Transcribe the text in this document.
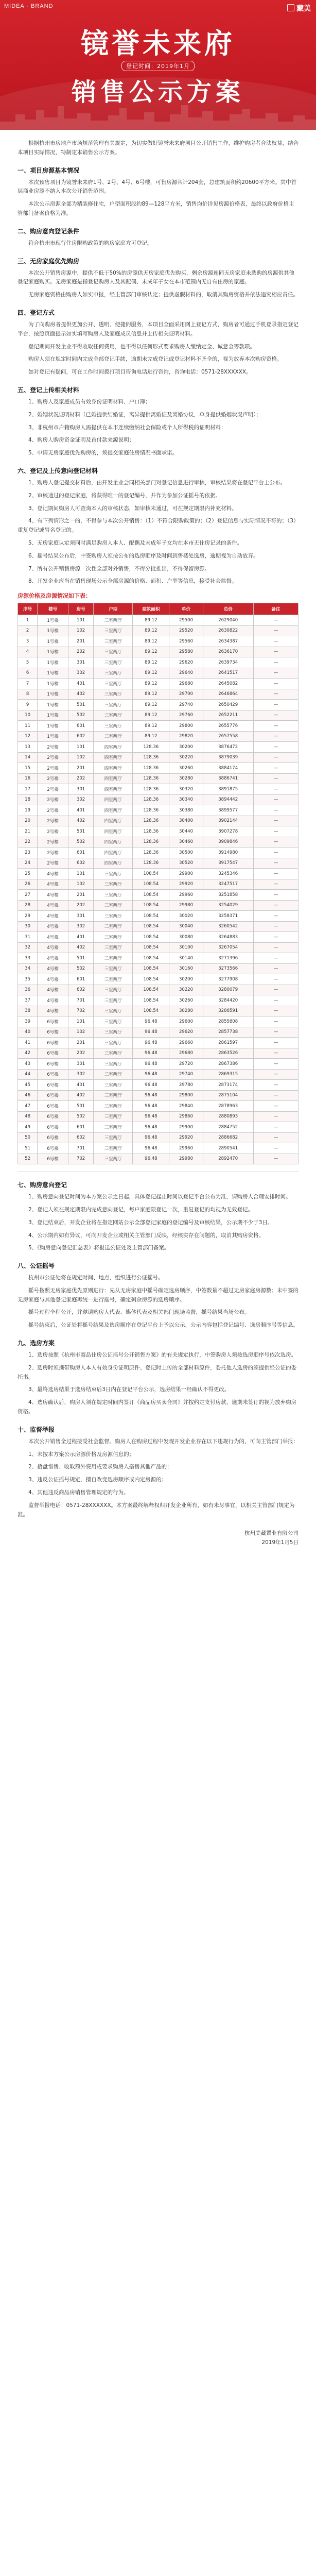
MIDEA · BRAND	藏美
镜誉未来府
登记时间：2019年1月
销售公示方案

根据杭州市房地产市场规范管理有关规定，为切实做好镜誉未来府项目公开销售工作，维护购房者合法权益，结合本项目实际情况，特制定本销售公示方案。

一、项目房源基本情况

本次预售项目为镜誉未来府1号、2号、4号、6号楼，可售房源共计204套，总建筑面积约20600平方米。其中首层商业房源不纳入本次公开销售范围。

本次公示房源全部为精装修住宅，户型面积段约89—128平方米，销售均价详见房源价格表，最终以政府价格主管部门备案价格为准。

二、购房意向登记条件

符合杭州市现行住房限购政策的购房家庭方可登记。

三、无房家庭优先购房

本次公开销售房源中，提供不低于50%的房源供无房家庭优先购买，剩余房源连同无房家庭未选购的房源供其他登记家庭购买。无房家庭是指登记购房人及其配偶、未成年子女在本市范围内无自有住房的家庭。

无房家庭资格由购房人如实申报，经主管部门审核认定；提供虚假材料的，取消其购房资格并依法追究相应责任。

四、登记方式

为了向购房者提供更加公开、透明、便捷的服务，本项目全面采用网上登记方式，购房者可通过手机登录指定登记平台，按照页面提示如实填写购房人及家庭成员信息并上传相关证明材料。

登记期间开发企业不得收取任何费用，也不得以任何形式要求购房人缴纳定金、诚意金等款项。

购房人须在规定时间内完成全部登记手续，逾期未完成登记或登记材料不齐全的，视为放弃本次购房资格。

如对登记有疑问，可在工作时间拨打项目咨询电话进行咨询，咨询电话：0571-28XXXXXX。

五、登记上传相关材料

1、购房人及家庭成员有效身份证明材料、户口簿；

2、婚姻状况证明材料（已婚提供结婚证，离异提供离婚证及离婚协议，单身提供婚姻状况声明）；

3、非杭州市户籍购房人需提供在本市连续缴纳社会保险或个人所得税的证明材料；

4、购房人购房资金证明及首付款来源说明；

5、申请无房家庭优先购房的，须提交家庭住房情况书面承诺。

六、登记及上传意向登记材料

1、购房人登记提交材料后，由开发企业会同相关部门对登记信息进行审核，审核结果将在登记平台上公布。

2、审核通过的登记家庭，将获得唯一的登记编号，并作为参加公证摇号的依据。

3、登记期间购房人可查询本人的审核状态，如审核未通过，可在规定期限内补充材料。

4、有下列情形之一的，不得参与本次公开销售：（1）不符合限购政策的；（2）登记信息与实际情况不符的；（3）重复登记或冒名登记的。

5、无房家庭认定须同时满足购房人本人、配偶及未成年子女均在本市无住房记录的条件。

6、摇号结果公布后，中签购房人须按公布的选房顺序及时间到售楼处选房，逾期视为自动放弃。

7、所有公开销售房源一次性全部对外销售，不得分批推出，不得保留房源。

8、开发企业应当在销售现场公示全部房源的价格、面积、户型等信息，接受社会监督。

房源价格及房源情况如下表：
序号	楼号	房号	户型	建筑面积	单价	总价	备注
1	1号楼	101	三室两厅	89.12	29500	2629040	—
2	1号楼	102	三室两厅	89.12	29520	2630822	—
3	1号楼	201	三室两厅	89.12	29560	2634387	—
4	1号楼	202	三室两厅	89.12	29580	2636170	—
5	1号楼	301	三室两厅	89.12	29620	2639734	—
6	1号楼	302	三室两厅	89.12	29640	2641517	—
7	1号楼	401	三室两厅	89.12	29680	2645082	—
8	1号楼	402	三室两厅	89.12	29700	2646864	—
9	1号楼	501	三室两厅	89.12	29740	2650429	—
10	1号楼	502	三室两厅	89.12	29760	2652211	—
11	1号楼	601	三室两厅	89.12	29800	2655776	—
12	1号楼	602	三室两厅	89.12	29820	2657558	—
13	2号楼	101	四室两厅	128.36	30200	3876472	—
14	2号楼	102	四室两厅	128.36	30220	3879039	—
15	2号楼	201	四室两厅	128.36	30260	3884174	—
16	2号楼	202	四室两厅	128.36	30280	3886741	—
17	2号楼	301	四室两厅	128.36	30320	3891875	—
18	2号楼	302	四室两厅	128.36	30340	3894442	—
19	2号楼	401	四室两厅	128.36	30380	3899577	—
20	2号楼	402	四室两厅	128.36	30400	3902144	—
21	2号楼	501	四室两厅	128.36	30440	3907278	—
22	2号楼	502	四室两厅	128.36	30460	3909846	—
23	2号楼	601	四室两厅	128.36	30500	3914980	—
24	2号楼	602	四室两厅	128.36	30520	3917547	—
25	4号楼	101	三室两厅	108.54	29900	3245346	—
26	4号楼	102	三室两厅	108.54	29920	3247517	—
27	4号楼	201	三室两厅	108.54	29960	3251858	—
28	4号楼	202	三室两厅	108.54	29980	3254029	—
29	4号楼	301	三室两厅	108.54	30020	3258371	—
30	4号楼	302	三室两厅	108.54	30040	3260542	—
31	4号楼	401	三室两厅	108.54	30080	3264883	—
32	4号楼	402	三室两厅	108.54	30100	3267054	—
33	4号楼	501	三室两厅	108.54	30140	3271396	—
34	4号楼	502	三室两厅	108.54	30160	3273566	—
35	4号楼	601	三室两厅	108.54	30200	3277908	—
36	4号楼	602	三室两厅	108.54	30220	3280079	—
37	4号楼	701	三室两厅	108.54	30260	3284420	—
38	4号楼	702	三室两厅	108.54	30280	3286591	—
39	6号楼	101	三室两厅	96.48	29600	2855808	—
40	6号楼	102	三室两厅	96.48	29620	2857738	—
41	6号楼	201	三室两厅	96.48	29660	2861597	—
42	6号楼	202	三室两厅	96.48	29680	2863526	—
43	6号楼	301	三室两厅	96.48	29720	2867386	—
44	6号楼	302	三室两厅	96.48	29740	2869315	—
45	6号楼	401	三室两厅	96.48	29780	2873174	—
46	6号楼	402	三室两厅	96.48	29800	2875104	—
47	6号楼	501	三室两厅	96.48	29840	2878963	—
48	6号楼	502	三室两厅	96.48	29860	2880893	—
49	6号楼	601	三室两厅	96.48	29900	2884752	—
50	6号楼	602	三室两厅	96.48	29920	2886682	—
51	6号楼	701	三室两厅	96.48	29960	2890541	—
52	6号楼	702	三室两厅	96.48	29980	2892470	—
七、购房意向登记

1、购房意向登记时间为本方案公示之日起，具体登记起止时间以登记平台公布为准，请购房人合理安排时间。

2、登记人须在规定期限内完成意向登记，每户家庭限登记一次，重复登记的均视为无效登记。

3、登记结束后，开发企业将在指定网站公示全部登记家庭的登记编号及审核结果，公示期不少于3日。

4、公示期内如有异议，可向开发企业或相关主管部门反映，经核实存在问题的，取消其购房资格。

5、《购房意向登记汇总表》将报送公证处及主管部门备案。

八、公证摇号

杭州市公证处将在规定时间、地点，组织进行公证摇号。

摇号按照无房家庭优先原则进行：先从无房家庭中摇号确定选房顺序，中签数量不超过无房家庭房源数；未中签的无房家庭与其他登记家庭再统一进行摇号，确定剩余房源的选房顺序。

摇号过程全程公开，并邀请购房人代表、媒体代表及相关部门现场监督，摇号结果当场公布。

摇号结束后，公证处将摇号结果及选房顺序在登记平台上予以公示，公示内容包括登记编号、选房顺序号等信息。

九、选房方案

1、选房按照《杭州市商品住房公证摇号公开销售方案》的有关规定执行，中签购房人须按选房顺序号依次选房。

2、选房时须携带购房人本人有效身份证明原件、登记时上传的全部材料原件，委托他人选房的须提供经公证的委托书。

3、最终选房结果于选房结束后3日内在登记平台公示，选房结果一经确认不得更改。

4、选房确认后，购房人须在规定时间内签订《商品房买卖合同》并按约定支付房款，逾期未签订的视为放弃购房资格。

十、监督举报

本次公开销售全过程接受社会监督。购房人在购房过程中发现开发企业存在以下违规行为的，可向主管部门举报：

1、未按本方案公示房源价格及房源信息的；

2、捂盘惜售、收取额外费用或要求购房人搭售其他产品的；

3、违反公证摇号规定，擅自改变选房顺序或内定房源的；

4、其他违反商品房销售管理规定的行为。

监督举报电话：0571-28XXXXXX。本方案最终解释权归开发企业所有，如有未尽事宜，以相关主管部门规定为准。

杭州美藏置业有限公司
2019年1月5日
